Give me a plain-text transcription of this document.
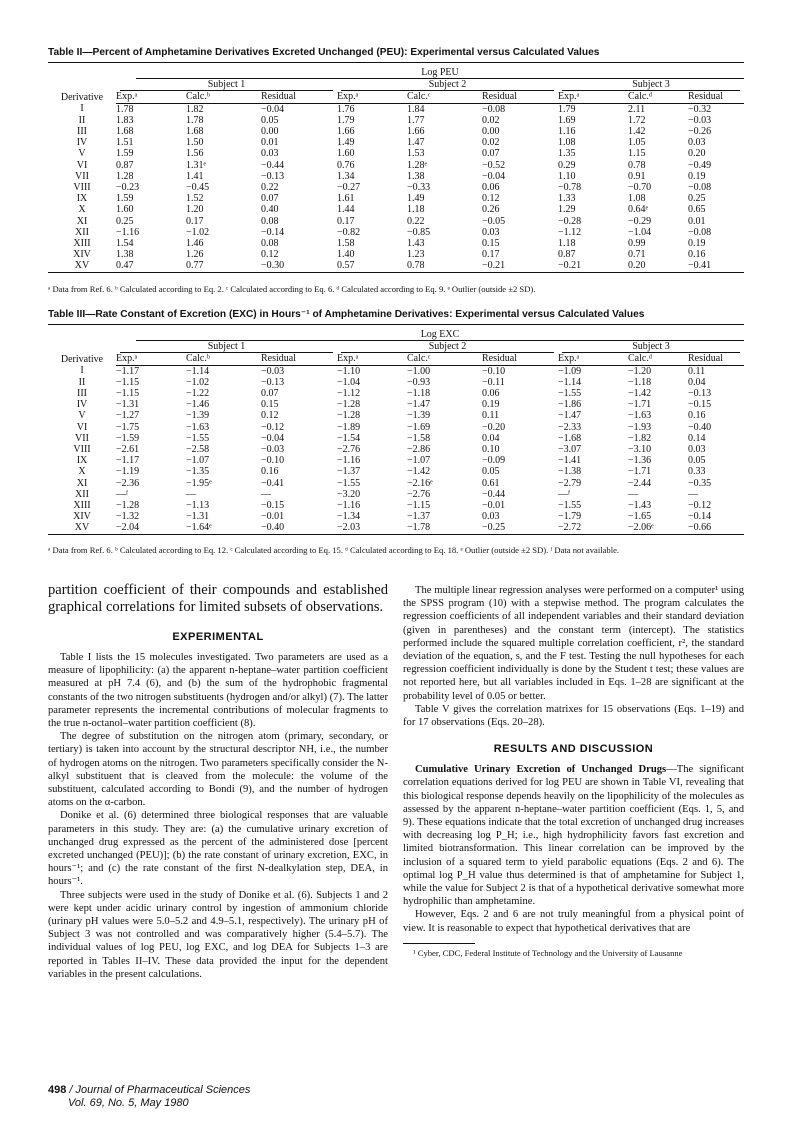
Table II—Percent of Amphetamine Derivatives Excreted Unchanged (PEU): Experimental versus Calculated Values

	Log PEU								

	Subject 1			Subject 2			Subject 3		

Derivative	Exp.ᵃ	Calc.ᵇ	Residual	Exp.ᵃ	Calc.ᶜ	Residual	Exp.ᵃ	Calc.ᵈ	Residual
I	1.78	1.82	−0.04	1.76	1.84	−0.08	1.79	2.11	−0.32
II	1.83	1.78	0.05	1.79	1.77	0.02	1.69	1.72	−0.03
III	1.68	1.68	0.00	1.66	1.66	0.00	1.16	1.42	−0.26
IV	1.51	1.50	0.01	1.49	1.47	0.02	1.08	1.05	0.03
V	1.59	1.56	0.03	1.60	1.53	0.07	1.35	1.15	0.20
VI	0.87	1.31ᵉ	−0.44	0.76	1.28ᵉ	−0.52	0.29	0.78	−0.49
VII	1.28	1.41	−0.13	1.34	1.38	−0.04	1.10	0.91	0.19
VIII	−0.23	−0.45	0.22	−0.27	−0.33	0.06	−0.78	−0.70	−0.08
IX	1.59	1.52	0.07	1.61	1.49	0.12	1.33	1.08	0.25
X	1.60	1.20	0.40	1.44	1.18	0.26	1.29	0.64ᵉ	0.65
XI	0.25	0.17	0.08	0.17	0.22	−0.05	−0.28	−0.29	0.01
XII	−1.16	−1.02	−0.14	−0.82	−0.85	0.03	−1.12	−1.04	−0.08
XIII	1.54	1.46	0.08	1.58	1.43	0.15	1.18	0.99	0.19
XIV	1.38	1.26	0.12	1.40	1.23	0.17	0.87	0.71	0.16
XV	0.47	0.77	−0.30	0.57	0.78	−0.21	−0.21	0.20	−0.41
ᵃ Data from Ref. 6. ᵇ Calculated according to Eq. 2. ᶜ Calculated according to Eq. 6. ᵈ Calculated according to Eq. 9. ᵉ Outlier (outside ±2 SD).
Table III—Rate Constant of Excretion (EXC) in Hours⁻¹ of Amphetamine Derivatives: Experimental versus Calculated Values

	Log EXC								

	Subject 1			Subject 2			Subject 3		

Derivative	Exp.ᵃ	Calc.ᵇ	Residual	Exp.ᵃ	Calc.ᶜ	Residual	Exp.ᵃ	Calc.ᵈ	Residual
I	−1.17	−1.14	−0.03	−1.10	−1.00	−0.10	−1.09	−1.20	0.11
II	−1.15	−1.02	−0.13	−1.04	−0.93	−0.11	−1.14	−1.18	0.04
III	−1.15	−1.22	0.07	−1.12	−1.18	0.06	−1.55	−1.42	−0.13
IV	−1.31	−1.46	0.15	−1.28	−1.47	0.19	−1.86	−1.71	−0.15
V	−1.27	−1.39	0.12	−1.28	−1.39	0.11	−1.47	−1.63	0.16
VI	−1.75	−1.63	−0.12	−1.89	−1.69	−0.20	−2.33	−1.93	−0.40
VII	−1.59	−1.55	−0.04	−1.54	−1.58	0.04	−1.68	−1.82	0.14
VIII	−2.61	−2.58	−0.03	−2.76	−2.86	0.10	−3.07	−3.10	0.03
IX	−1.17	−1.07	−0.10	−1.16	−1.07	−0.09	−1.41	−1.36	0.05
X	−1.19	−1.35	0.16	−1.37	−1.42	0.05	−1.38	−1.71	0.33
XI	−2.36	−1.95ᵉ	−0.41	−1.55	−2.16ᵉ	0.61	−2.79	−2.44	−0.35
XII	—ᶠ	—	—	−3.20	−2.76	−0.44	—ᶠ	—	—
XIII	−1.28	−1.13	−0.15	−1.16	−1.15	−0.01	−1.55	−1.43	−0.12
XIV	−1.32	−1.31	−0.01	−1.34	−1.37	0.03	−1.79	−1.65	−0.14
XV	−2.04	−1.64ᵉ	−0.40	−2.03	−1.78	−0.25	−2.72	−2.06ᵉ	−0.66
ᵃ Data from Ref. 6. ᵇ Calculated according to Eq. 12. ᶜ Calculated according to Eq. 15. ᵈ Calculated according to Eq. 18. ᵉ Outlier (outside ±2 SD). ᶠ Data not available.
partition coefficient of their compounds and established graphical correlations for limited subsets of observations.
EXPERIMENTAL

Table I lists the 15 molecules investigated. Two parameters are used as a measure of lipophilicity: (a) the apparent n-heptane–water partition coefficient measured at pH 7.4 (6), and (b) the sum of the hydrophobic fragmental constants of the two nitrogen substituents (hydrogen and/or alkyl) (7). The latter parameter represents the incremental contributions of molecular fragments to the true n-octanol–water partition coefficient (8).

The degree of substitution on the nitrogen atom (primary, secondary, or tertiary) is taken into account by the structural descriptor NH, i.e., the number of hydrogen atoms on the nitrogen. Two parameters specifically consider the N-alkyl substituent that is cleaved from the molecule: the volume of the substituent, calculated according to Bondi (9), and the number of hydrogen atoms on the α-carbon.

Donike et al. (6) determined three biological responses that are valuable parameters in this study. They are: (a) the cumulative urinary excretion of unchanged drug expressed as the percent of the administered dose [percent excreted unchanged (PEU)]; (b) the rate constant of urinary excretion, EXC, in hours⁻¹; and (c) the rate constant of the first N-dealkylation step, DEA, in hours⁻¹.

Three subjects were used in the study of Donike et al. (6). Subjects 1 and 2 were kept under acidic urinary control by ingestion of ammonium chloride (urinary pH values were 5.0–5.2 and 4.9–5.1, respectively). The urinary pH of Subject 3 was not controlled and was comparatively higher (5.4–5.7). The individual values of log PEU, log EXC, and log DEA for Subjects 1–3 are reported in Tables II–IV. These data provided the input for the dependent variables in the present calculations.

The multiple linear regression analyses were performed on a computer¹ using the SPSS program (10) with a stepwise method. The program calculates the regression coefficients of all independent variables and their standard deviation (given in parentheses) and the constant term (intercept). The statistics performed include the squared multiple correlation coefficient, r², the standard deviation of the equation, s, and the F test. Testing the null hypotheses for each regression coefficient individually is done by the Student t test; these values are not reported here, but all variables included in Eqs. 1–28 are significant at the probability level of 0.05 or better.

Table V gives the correlation matrixes for 15 observations (Eqs. 1–19) and for 17 observations (Eqs. 20–28).

RESULTS AND DISCUSSION

Cumulative Urinary Excretion of Unchanged Drugs—The significant correlation equations derived for log PEU are shown in Table VI, revealing that this biological response depends heavily on the lipophilicity of the molecules as assessed by the apparent n-heptane–water partition coefficient (Eqs. 1, 5, and 9). These equations indicate that the total excretion of unchanged drug increases with decreasing log P_H; i.e., high hydrophilicity favors fast excretion and limited biotransformation. This linear correlation can be improved by the inclusion of a squared term to yield parabolic equations (Eqs. 2 and 6). The optimal log P_H value thus determined is that of amphetamine for Subject 1, while the value for Subject 2 is that of a hypothetical derivative somewhat more hydrophilic than amphetamine.

However, Eqs. 2 and 6 are not truly meaningful from a physical point of view. It is reasonable to expect that hypothetical derivatives that are

¹ Cyber, CDC, Federal Institute of Technology and the University of Lausanne
498 / Journal of Pharmaceutical Sciences
Vol. 69, No. 5, May 1980
